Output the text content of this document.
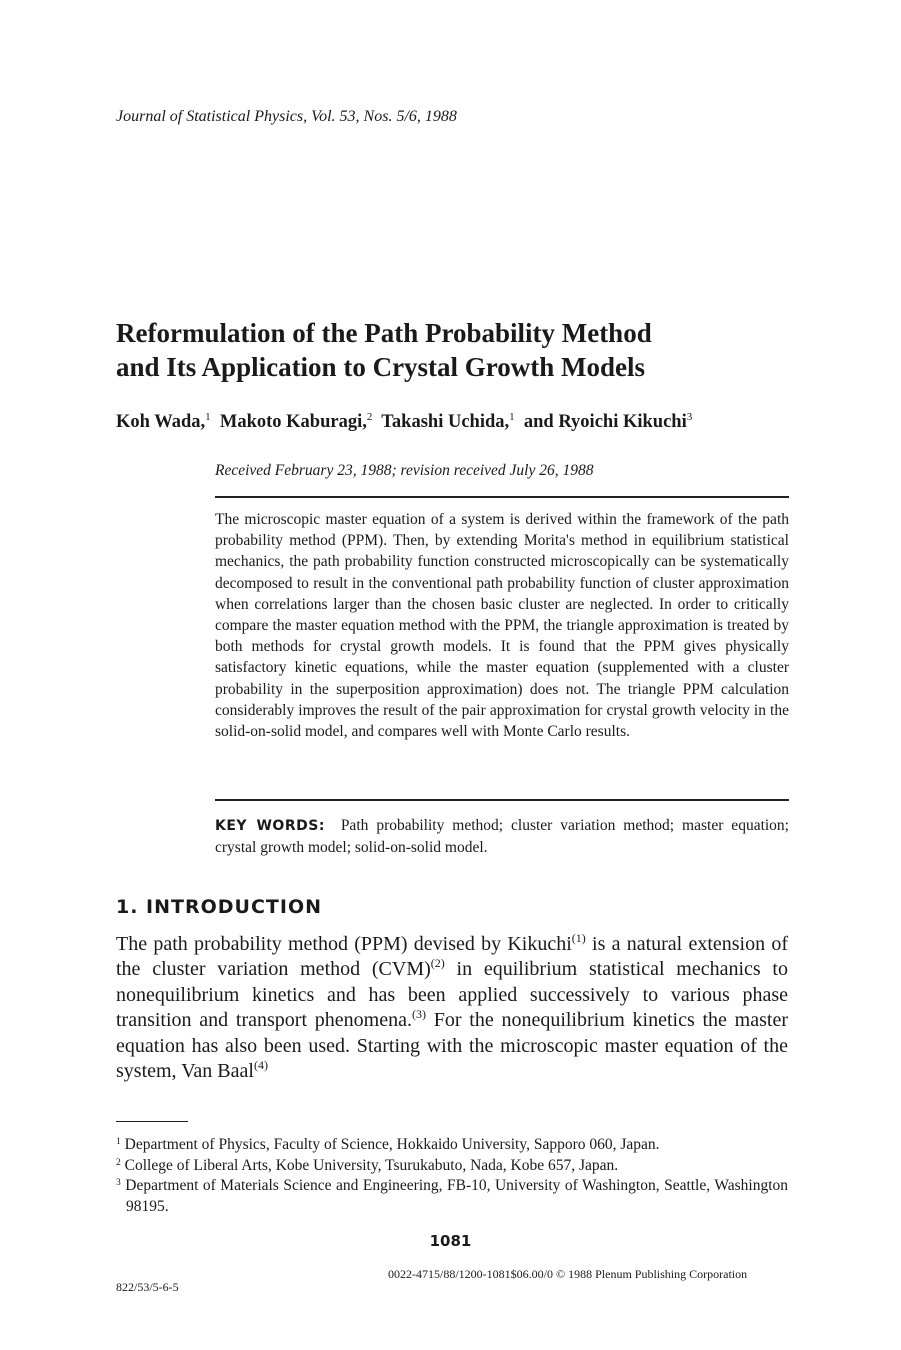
Journal of Statistical Physics, Vol. 53, Nos. 5/6, 1988
Reformulation of the Path Probability Method
and Its Application to Crystal Growth Models
Koh Wada,$^1$ Makoto Kaburagi,$^2$ Takashi Uchida,$^1$ and Ryoichi Kikuchi$^3$
Received February 23, 1988; revision received July 26, 1988
The microscopic master equation of a system is derived within the framework of the path probability method (PPM). Then, by extending Morita's method in equilibrium statistical mechanics, the path probability function constructed microscopically can be systematically decomposed to result in the conventional path probability function of cluster approximation when correlations larger than the chosen basic cluster are neglected. In order to critically compare the master equation method with the PPM, the triangle approximation is treated by both methods for crystal growth models. It is found that the PPM gives physically satisfactory kinetic equations, while the master equation (supplemented with a cluster probability in the superposition approximation) does not. The triangle PPM calculation considerably improves the result of the pair approximation for crystal growth velocity in the solid-on-solid model, and compares well with Monte Carlo results.
KEY WORDS: Path probability method; cluster variation method; master equation; crystal growth model; solid-on-solid model.
1. INTRODUCTION
The path probability method (PPM) devised by Kikuchi$^{(1)}$ is a natural extension of the cluster variation method (CVM)$^{(2)}$ in equilibrium statistical mechanics to nonequilibrium kinetics and has been applied successively to various phase transition and transport phenomena.$^{(3)}$ For the nonequilibrium kinetics the master equation has also been used. Starting with the microscopic master equation of the system, Van Baal$^{(4)}$
$^1$ Department of Physics, Faculty of Science, Hokkaido University, Sapporo 060, Japan.
$^2$ College of Liberal Arts, Kobe University, Tsurukabuto, Nada, Kobe 657, Japan.
$^3$ Department of Materials Science and Engineering, FB-10, University of Washington, Seattle, Washington 98195.
1081
0022-4715/88/1200-1081$06.00/0 © 1988 Plenum Publishing Corporation
822/53/5-6-5
